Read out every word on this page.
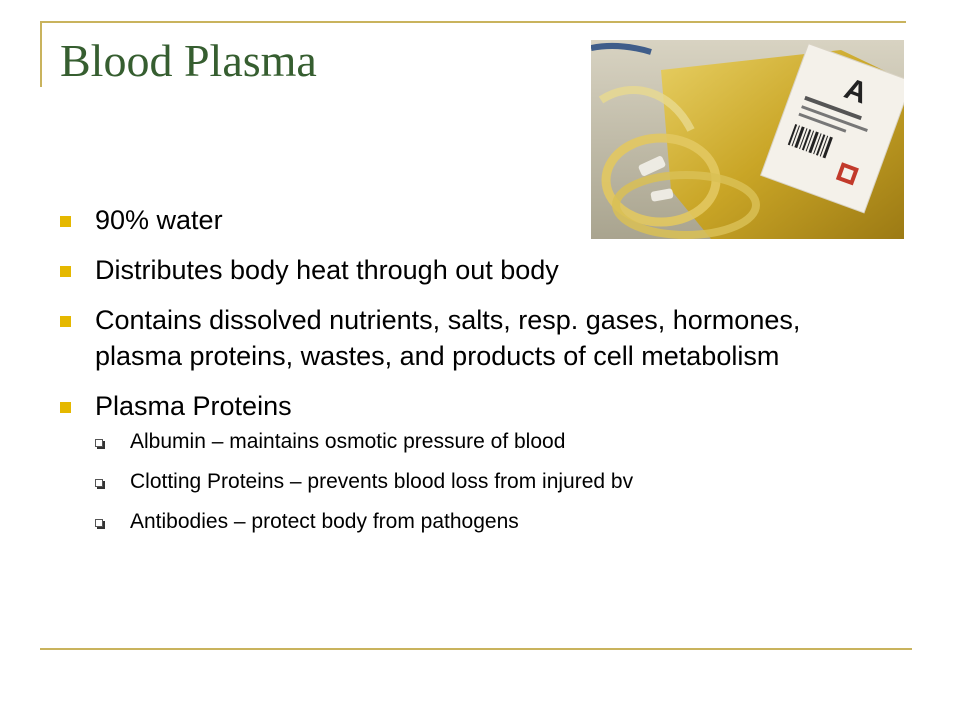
Blood Plasma
A
90% water
Distributes body heat through out body
Contains dissolved nutrients, salts, resp. gases, hormones, plasma proteins, wastes, and products of cell metabolism
Plasma Proteins
Albumin – maintains osmotic pressure of blood
Clotting Proteins – prevents blood loss from injured bv
Antibodies – protect body from pathogens
